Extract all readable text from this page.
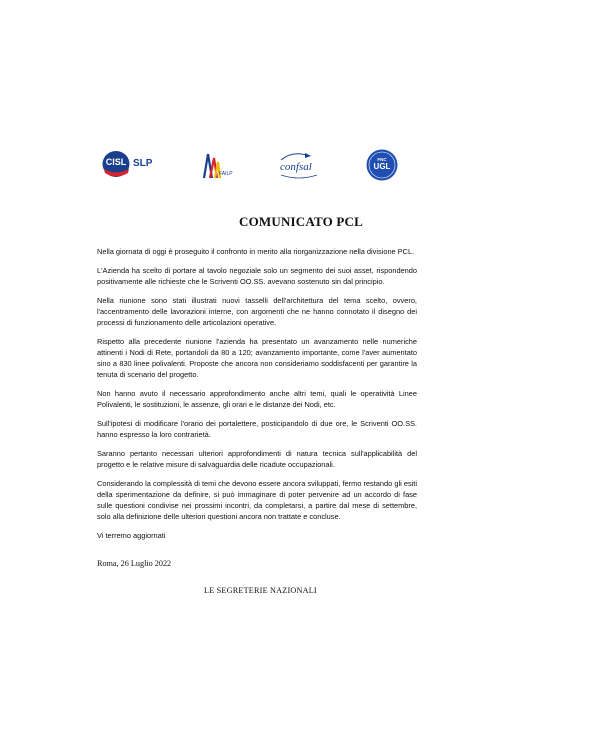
CISL SLP
FAILP
confsal
FNC
UGL
COMUNICATO PCL

Nella giornata di oggi è proseguito il confronto in merito alla riorganizzazione nella divisione PCL.

L'Azienda ha scelto di portare al tavolo negoziale solo un segmento dei suoi asset, rispondendo positivamente alle richieste che le Scriventi OO.SS. avevano sostenuto sin dal principio.

Nella riunione sono stati illustrati nuovi tasselli dell'architettura del tema scelto, ovvero, l'accentramento delle lavorazioni interne, con argomenti che ne hanno connotato il disegno dei processi di funzionamento delle articolazioni operative.

Rispetto alla precedente riunione l'azienda ha presentato un avanzamento nelle numeriche attinenti i Nodi di Rete, portandoli da 80 a 120; avanzamento importante, come l'aver aumentato sino a 830 linee polivalenti. Proposte che ancora non consideriamo soddisfacenti per garantire la tenuta di scenario del progetto.

Non hanno avuto il necessario approfondimento anche altri temi, quali le operatività Linee Polivalenti, le sostituzioni, le assenze, gli orari e le distanze dei Nodi, etc.

Sull'ipotesi di modificare l'orario dei portalettere, posticipandolo di due ore, le Scriventi OO.SS. hanno espresso la loro contrarietà.

Saranno pertanto necessari ulteriori approfondimenti di natura tecnica sull'applicabilità del progetto e le relative misure di salvaguardia delle ricadute occupazionali.

Considerando la complessità di temi che devono essere ancora sviluppati, fermo restando gli esiti della sperimentazione da definire, si può immaginare di poter pervenire ad un accordo di fase sulle questioni condivise nei prossimi incontri, da completarsi, a partire dal mese di settembre, solo alla definizione delle ulteriori questioni ancora non trattate e concluse.

Vi terremo aggiornati

Roma, 26 Luglio 2022
LE SEGRETERIE NAZIONALI
